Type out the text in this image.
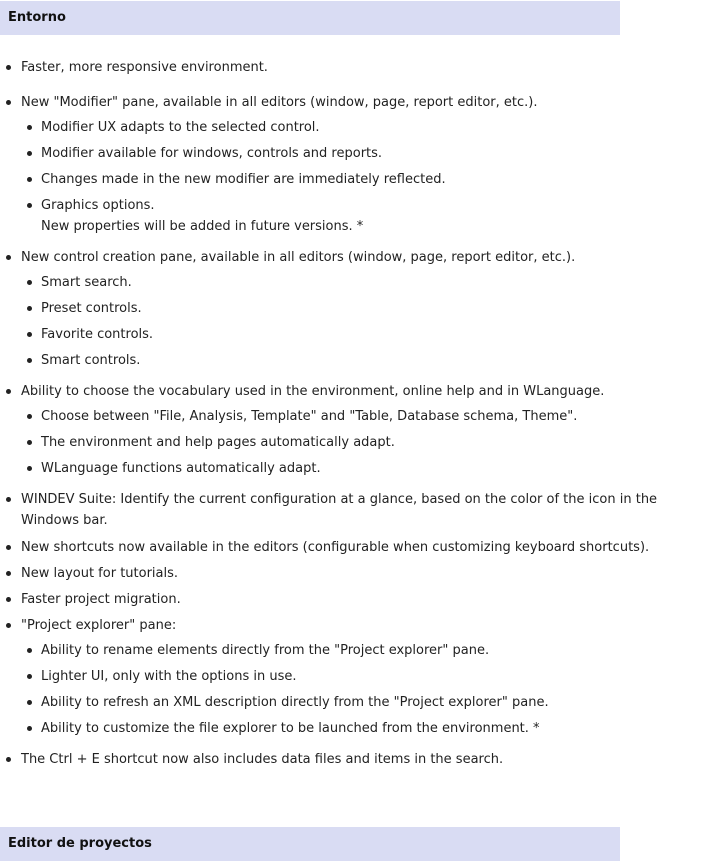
Entorno
Faster, more responsive environment.
New "Modifier" pane, available in all editors (window, page, report editor, etc.).
Modifier UX adapts to the selected control.
Modifier available for windows, controls and reports.
Changes made in the new modifier are immediately reflected.
Graphics options.
New properties will be added in future versions. *
New control creation pane, available in all editors (window, page, report editor, etc.).
Smart search.
Preset controls.
Favorite controls.
Smart controls.
Ability to choose the vocabulary used in the environment, online help and in WLanguage.
Choose between "File, Analysis, Template" and "Table, Database schema, Theme".
The environment and help pages automatically adapt.
WLanguage functions automatically adapt.
WINDEV Suite: Identify the current configuration at a glance, based on the color of the icon in the Windows bar.
New shortcuts now available in the editors (configurable when customizing keyboard shortcuts).
New layout for tutorials.
Faster project migration.
"Project explorer" pane:
Ability to rename elements directly from the "Project explorer" pane.
Lighter UI, only with the options in use.
Ability to refresh an XML description directly from the "Project explorer" pane.
Ability to customize the file explorer to be launched from the environment. *
The Ctrl + E shortcut now also includes data files and items in the search.
Editor de proyectos
